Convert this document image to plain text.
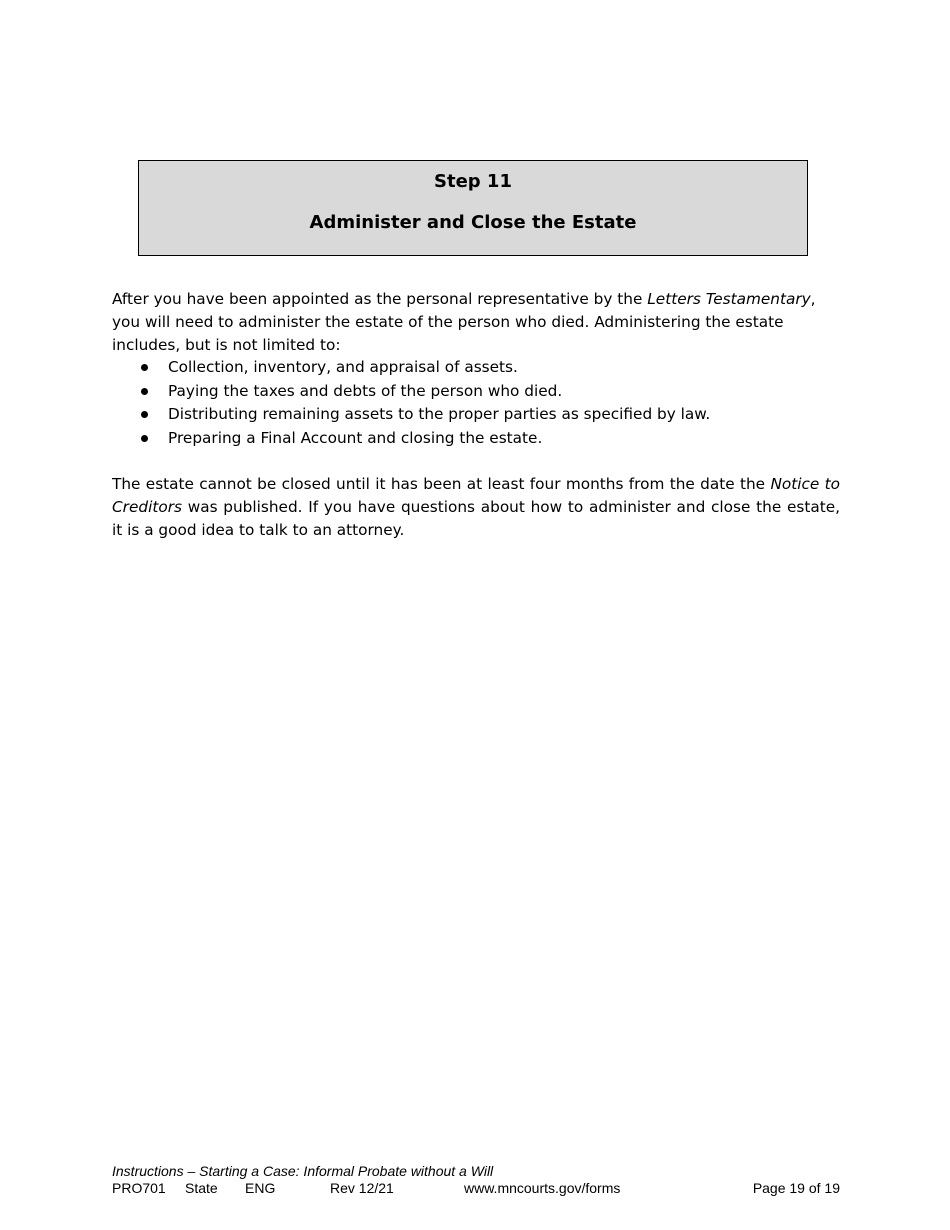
Step 11
Administer and Close the Estate

After you have been appointed as the personal representative by the Letters Testamentary, you will need to administer the estate of the person who died. Administering the estate includes, but is not limited to:

Collection, inventory, and appraisal of assets.
Paying the taxes and debts of the person who died.
Distributing remaining assets to the proper parties as specified by law.
Preparing a Final Account and closing the estate.

The estate cannot be closed until it has been at least four months from the date the Notice to Creditors was published. If you have questions about how to administer and close the estate, it is a good idea to talk to an attorney.

Instructions – Starting a Case: Informal Probate without a Will
PRO701 State ENG	Rev 12/21	www.mncourts.gov/forms	Page 19 of 19
